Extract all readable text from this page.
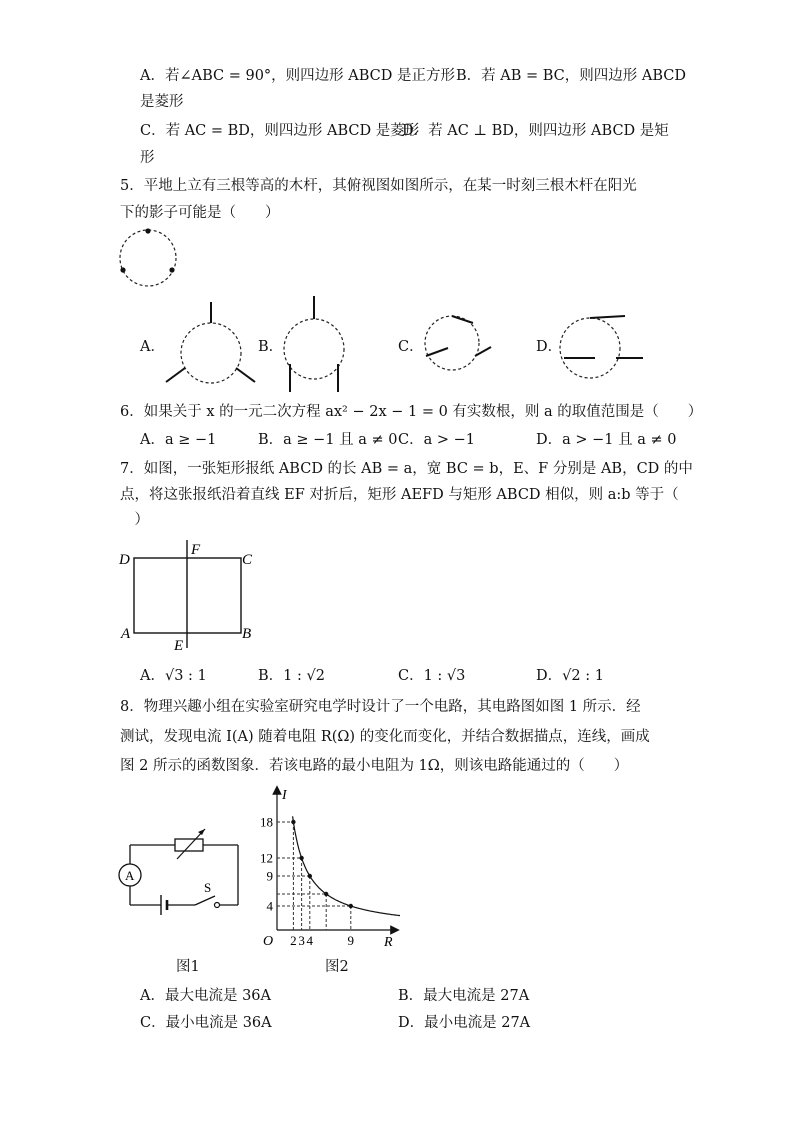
A．若∠ABC = 90°，则四边形 ABCD 是正方形 B．若 AB = BC，则四边形 ABCD
是菱形
C．若 AC = BD，则四边形 ABCD 是菱形
D．若 AC ⊥ BD，则四边形 ABCD 是矩
形
5．平地上立有三根等高的木杆，其俯视图如图所示，在某一时刻三根木杆在阳光
下的影子可能是（　　）
A．	B．	C．	D．
6．如果关于 x 的一元二次方程 ax² − 2x − 1 = 0 有实数根，则 a 的取值范围是（　　）
A．a ≥ −1	B．a ≥ −1 且 a ≠ 0 C．a > −1	D．a > −1 且 a ≠ 0
7．如图，一张矩形报纸 ABCD 的长 AB = a，宽 BC = b，E、F 分别是 AB，CD 的中
点，将这张报纸沿着直线 EF 对折后，矩形 AEFD 与矩形 ABCD 相似，则 a:b 等于（
　）
D
F
C
A
E
B
A．√3 : 1	B．1 : √2	C．1 : √3	D．√2 : 1
8．物理兴趣小组在实验室研究电学时设计了一个电路，其电路图如图 1 所示．经
测试，发现电流 I(A) 随着电阻 R(Ω) 的变化而变化，并结合数据描点，连线，画成
图 2 所示的函数图象．若该电路的最小电阻为 1Ω，则该电路能通过的（　　）
A
S
图1
I
R
O
18
12
9
4
2 3 4	9
图2
A．最大电流是 36A	B．最大电流是 27A
C．最小电流是 36A	D．最小电流是 27A
